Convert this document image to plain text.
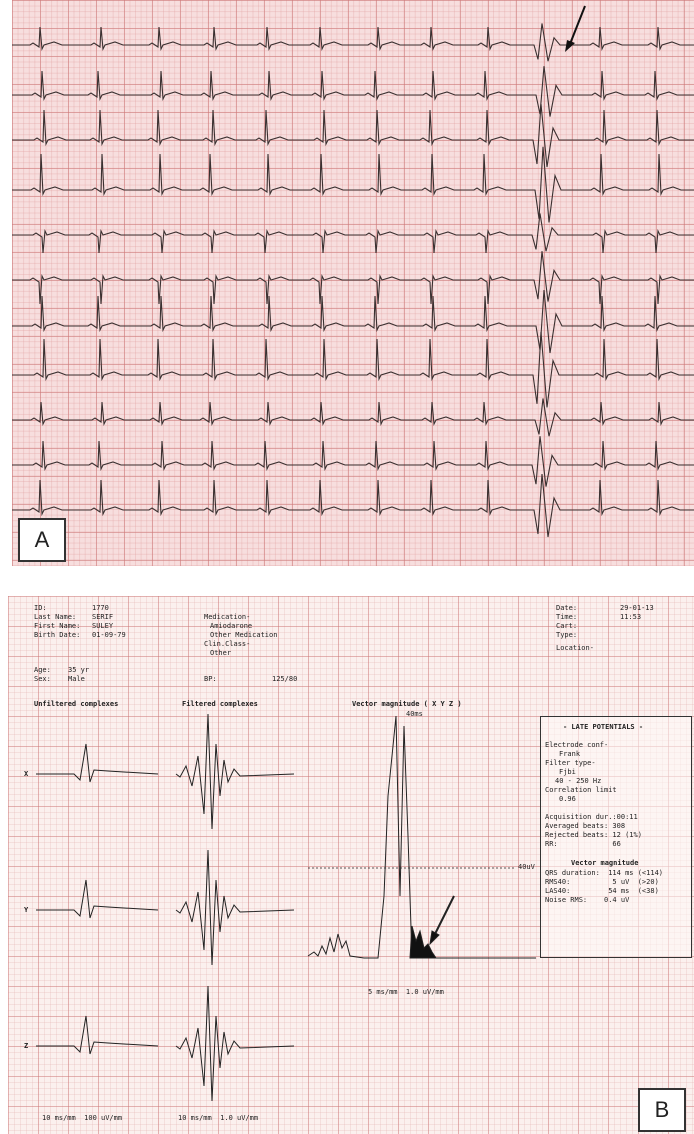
A
ID:	1770
Last Name: SERIF
First Name: SULEY
Birth Date: 01-09-79
Medication-
Amiodarone
Other Medication
Clin.Class-
Other
Date:	29-01-13
Time:	11:53
Cart:
Type:
Location-
Age: 35 yr
Sex: Male	BP:	125/80
Unfiltered complexes	Filtered complexes	Vector magnitude ( X Y Z )
X
Y
Z
40ms
40uV
10 ms/mm  100 uV/mm	10 ms/mm  1.0 uV/mm
5 ms/mm  1.0 uV/mm
- LATE POTENTIALS -
Electrode conf-
Frank
Filter type-
Fjbi
40 - 250 Hz
Correlation limit
0.96
Acquisition dur.:00:11
Averaged beats: 308
Rejected beats: 12 (1%)
RR:             66
Vector magnitude
QRS duration:  114 ms (<114)
RMS40:          5 uV  (>20)
LAS40:         54 ms  (<38)
Noise RMS:    0.4 uV
B
